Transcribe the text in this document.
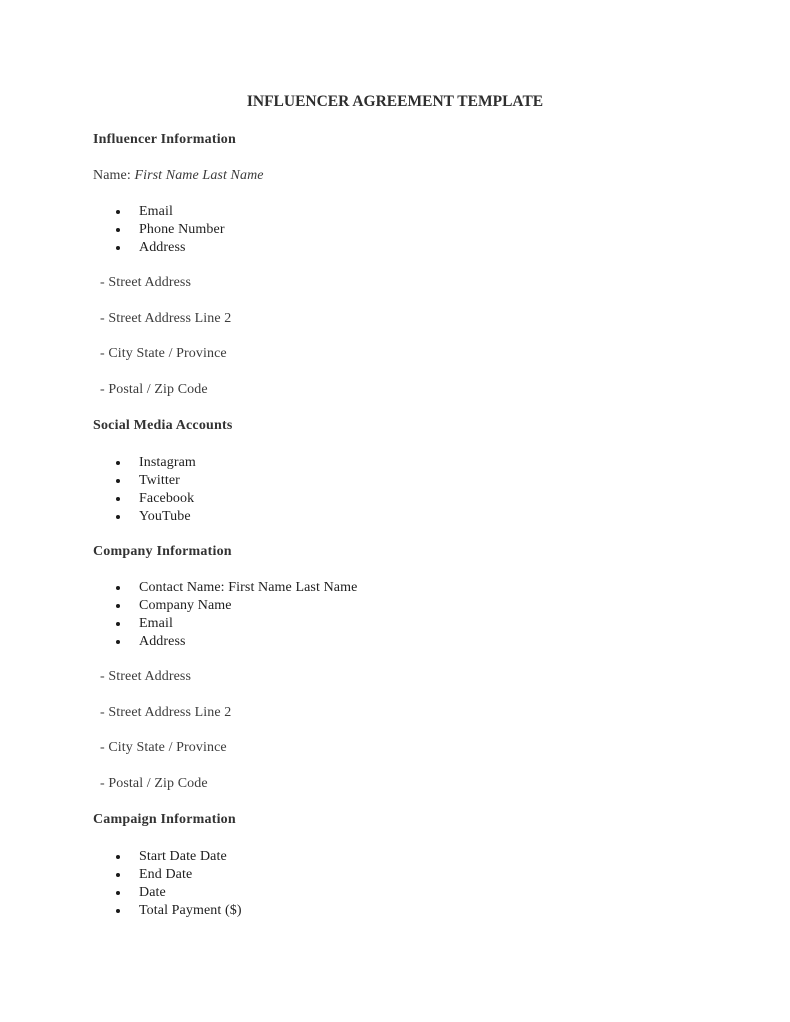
INFLUENCER AGREEMENT TEMPLATE
Influencer Information
Name: First Name Last Name
Email
Phone Number
Address
- Street Address
- Street Address Line 2
- City State / Province
- Postal / Zip Code
Social Media Accounts
Instagram
Twitter
Facebook
YouTube
Company Information
Contact Name: First Name Last Name
Company Name
Email
Address
- Street Address
- Street Address Line 2
- City State / Province
- Postal / Zip Code
Campaign Information
Start Date Date
End Date
Date
Total Payment ($)
